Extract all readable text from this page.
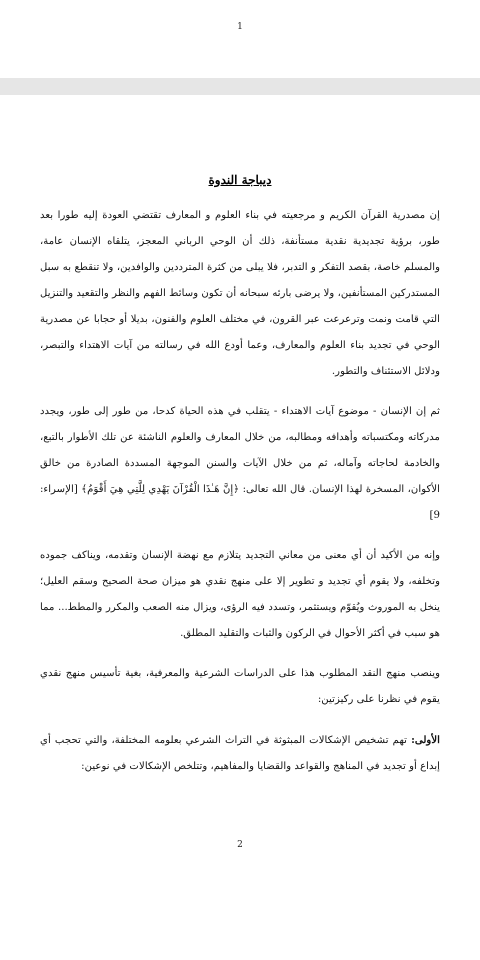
1
ديباجة الندوة

إن مصدرية القرآن الكريم و مرجعيته في بناء العلوم و المعارف تقتضي العودة إليه طورا بعد طور، برؤية تجديدية نقدية مستأنفة، ذلك أن الوحي الرباني المعجز، يتلقاه الإنسان عامة، والمسلم خاصة، بقصد التفكر و التدبر، فلا يبلى من كثرة المترددين والوافدين، ولا تنقطع به سبل المستدركين المستأنفين، ولا يرضى بارئه سبحانه أن تكون وسائط الفهم والنظر والتقعيد والتنزيل التي قامت ونمت وترعرعت عبر القرون، في مختلف العلوم والفنون، بديلا أو حجابا عن مصدرية الوحي في تجديد بناء العلوم والمعارف، وعما أودع الله في رسالته من آيات الاهتداء والتبصر، ودلائل الاستئناف والتطور.

ثم إن الإنسان - موضوع آيات الاهتداء - يتقلب في هذه الحياة كدحا، من طور إلى طور، ويجدد مدركاته ومكتسباته وأهدافه ومطالبه، من خلال المعارف والعلوم الناشئة عن تلك الأطوار بالتبع، والخادمة لحاجاته وآماله، ثم من خلال الآيات والسنن الموجهة المسددة الصادرة من خالق الأكوان، المسخرة لهذا الإنسان. قال الله تعالى: ﴿إِنَّ هَـٰذَا الْقُرْآنَ يَهْدِي لِلَّتِي هِيَ أَقْوَمُ﴾ [الإسراء: 9]

وإنه من الأكيد أن أي معنى من معاني التجديد يتلازم مع نهضة الإنسان وتقدمه، ويناكف جموده وتخلفه، ولا يقوم أي تجديد و تطوير إلا على منهج نقدي هو ميزان صحة الصحيح وسقم العليل؛ ينخل به الموروث ويُقوّم ويستثمر، وتسدد فيه الرؤى، ويزال منه الصعب والمكرر والمطط... مما هو سبب في أكثر الأحوال في الركون والثبات والتقليد المطلق.

وينصب منهج النقد المطلوب هذا على الدراسات الشرعية والمعرفية، بغية تأسيس منهج نقدي يقوم في نظرنا على ركيزتين:

الأولى: تهم تشخيص الإشكالات المبثوثة في التراث الشرعي بعلومه المختلفة، والتي تحجب أي إبداع أو تجديد في المناهج والقواعد والقضايا والمفاهيم، وتتلخص الإشكالات في نوعين:

2
